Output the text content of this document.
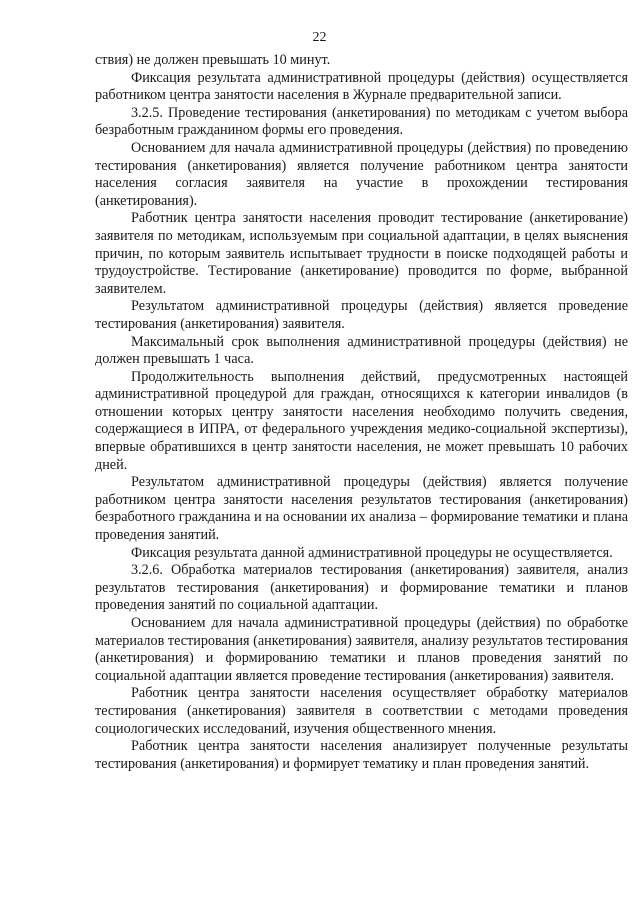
22

ствия) не должен превышать 10 минут.

Фиксация результата административной процедуры (действия) осуществляется работником центра занятости населения в Журнале предварительной записи.

3.2.5. Проведение тестирования (анкетирования) по методикам с учетом выбора безработным гражданином формы его проведения.

Основанием для начала административной процедуры (действия) по проведению тестирования (анкетирования) является получение работником центра занятости населения согласия заявителя на участие в прохождении тестирования (анкетирования).

Работник центра занятости населения проводит тестирование (анкетирование) заявителя по методикам, используемым при социальной адаптации, в целях выяснения причин, по которым заявитель испытывает трудности в поиске подходящей работы и трудоустройстве. Тестирование (анкетирование) проводится по форме, выбранной заявителем.

Результатом административной процедуры (действия) является проведение тестирования (анкетирования) заявителя.

Максимальный срок выполнения административной процедуры (действия) не должен превышать 1 часа.

Продолжительность выполнения действий, предусмотренных настоящей административной процедурой для граждан, относящихся к категории инвалидов (в отношении которых центру занятости населения необходимо получить сведения, содержащиеся в ИПРА, от федерального учреждения медико-социальной экспертизы), впервые обратившихся в центр занятости населения, не может превышать 10 рабочих дней.

Результатом административной процедуры (действия) является получение работником центра занятости населения результатов тестирования (анкетирования) безработного гражданина и на основании их анализа – формирование тематики и плана проведения занятий.

Фиксация результата данной административной процедуры не осуществляется.

3.2.6. Обработка материалов тестирования (анкетирования) заявителя, анализ результатов тестирования (анкетирования) и формирование тематики и планов проведения занятий по социальной адаптации.

Основанием для начала административной процедуры (действия) по обработке материалов тестирования (анкетирования) заявителя, анализу результатов тестирования (анкетирования) и формированию тематики и планов проведения занятий по социальной адаптации является проведение тестирования (анкетирования) заявителя.

Работник центра занятости населения осуществляет обработку материалов тестирования (анкетирования) заявителя в соответствии с методами проведения социологических исследований, изучения общественного мнения.

Работник центра занятости населения анализирует полученные результаты тестирования (анкетирования) и формирует тематику и план проведения занятий.
